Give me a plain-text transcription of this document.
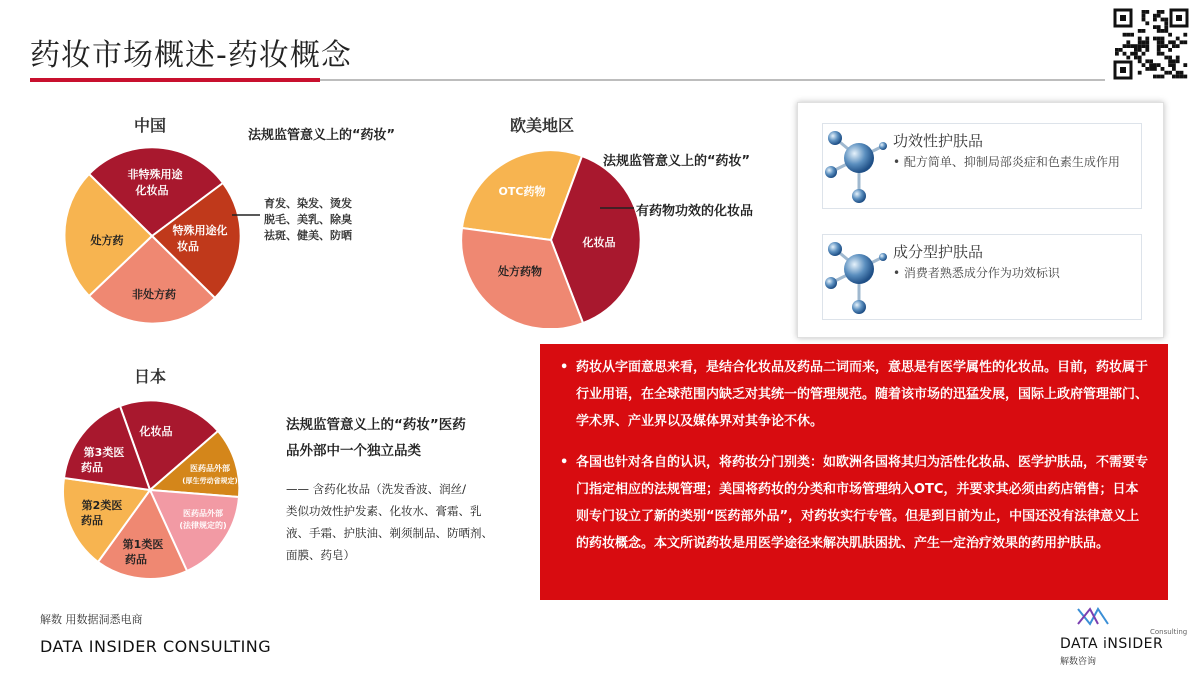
药妆市场概述-药妆概念
中国
法规监管意义上的“药妆”
非特殊用途
化妆品
特殊用途化
妆品
非处方药
处方药
育发、染发、烫发
脱毛、美乳、除臭
祛斑、健美、防晒
欧美地区
法规监管意义上的“药妆”
OTC药物
化妆品
处方药物
有药物功效的化妆品
日本
化妆品
医药品外部
(厚生劳动省规定)
医药品外部
(法律规定的)
第1类医
药品
第2类医
药品
第3类医
药品
法规监管意义上的“药妆”医药
品外部中一个独立品类
—— 含药化妆品（洗发香波、润丝/
类似功效性护发素、化妆水、膏霜、乳
液、手霜、护肤油、剃须制品、防晒剂、
面膜、药皂）
功效性护肤品
• 配方简单、抑制局部炎症和色素生成作用
成分型护肤品
• 消费者熟悉成分作为功效标识

• 药妆从字面意思来看，是结合化妆品及药品二词而来，意思是有医学属性的化妆品。目前，药妆属于行业用语，在全球范围内缺乏对其统一的管理规范。随着该市场的迅猛发展，国际上政府管理部门、学术界、产业界以及媒体界对其争论不休。

• 各国也针对各自的认识，将药妆分门别类：如欧洲各国将其归为活性化妆品、医学护肤品，不需要专门指定相应的法规管理；美国将药妆的分类和市场管理纳入OTC，并要求其必须由药店销售；日本则专门设立了新的类别“医药部外品”，对药妆实行专管。但是到目前为止，中国还没有法律意义上的药妆概念。本文所说药妆是用医学途径来解决肌肤困扰、产生一定治疗效果的药用护肤品。

解数 用数据洞悉电商
DATA INSIDER CONSULTING
Consulting
DATA iNSIDER
解数咨询
